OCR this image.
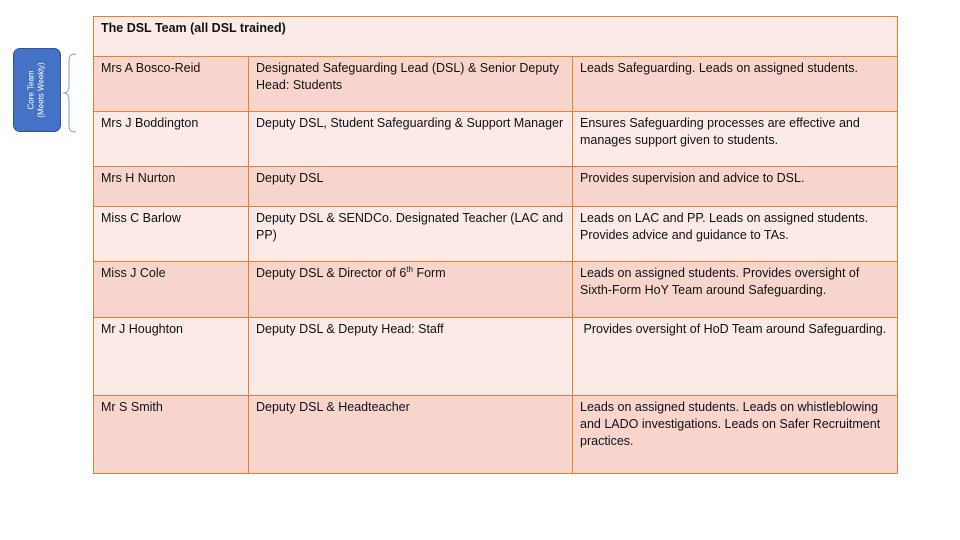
Core Team (Meets Weekly)
The DSL Team (all DSL trained)		
Mrs A Bosco-Reid	Designated Safeguarding Lead (DSL) & Senior Deputy Head: Students	Leads Safeguarding. Leads on assigned students.
Mrs J Boddington	Deputy DSL, Student Safeguarding & Support Manager	Ensures Safeguarding processes are effective and manages support given to students.
Mrs H Nurton	Deputy DSL	Provides supervision and advice to DSL.
Miss C Barlow	Deputy DSL & SENDCo. Designated Teacher (LAC and PP)	Leads on LAC and PP. Leads on assigned students. Provides advice and guidance to TAs.
Miss J Cole	Deputy DSL & Director of 6th Form	Leads on assigned students. Provides oversight of Sixth-Form HoY Team around Safeguarding.
Mr J Houghton	Deputy DSL & Deputy Head: Staff	Provides oversight of HoD Team around Safeguarding.
Mr S Smith	Deputy DSL & Headteacher	Leads on assigned students. Leads on whistleblowing and LADO investigations. Leads on Safer Recruitment practices.
